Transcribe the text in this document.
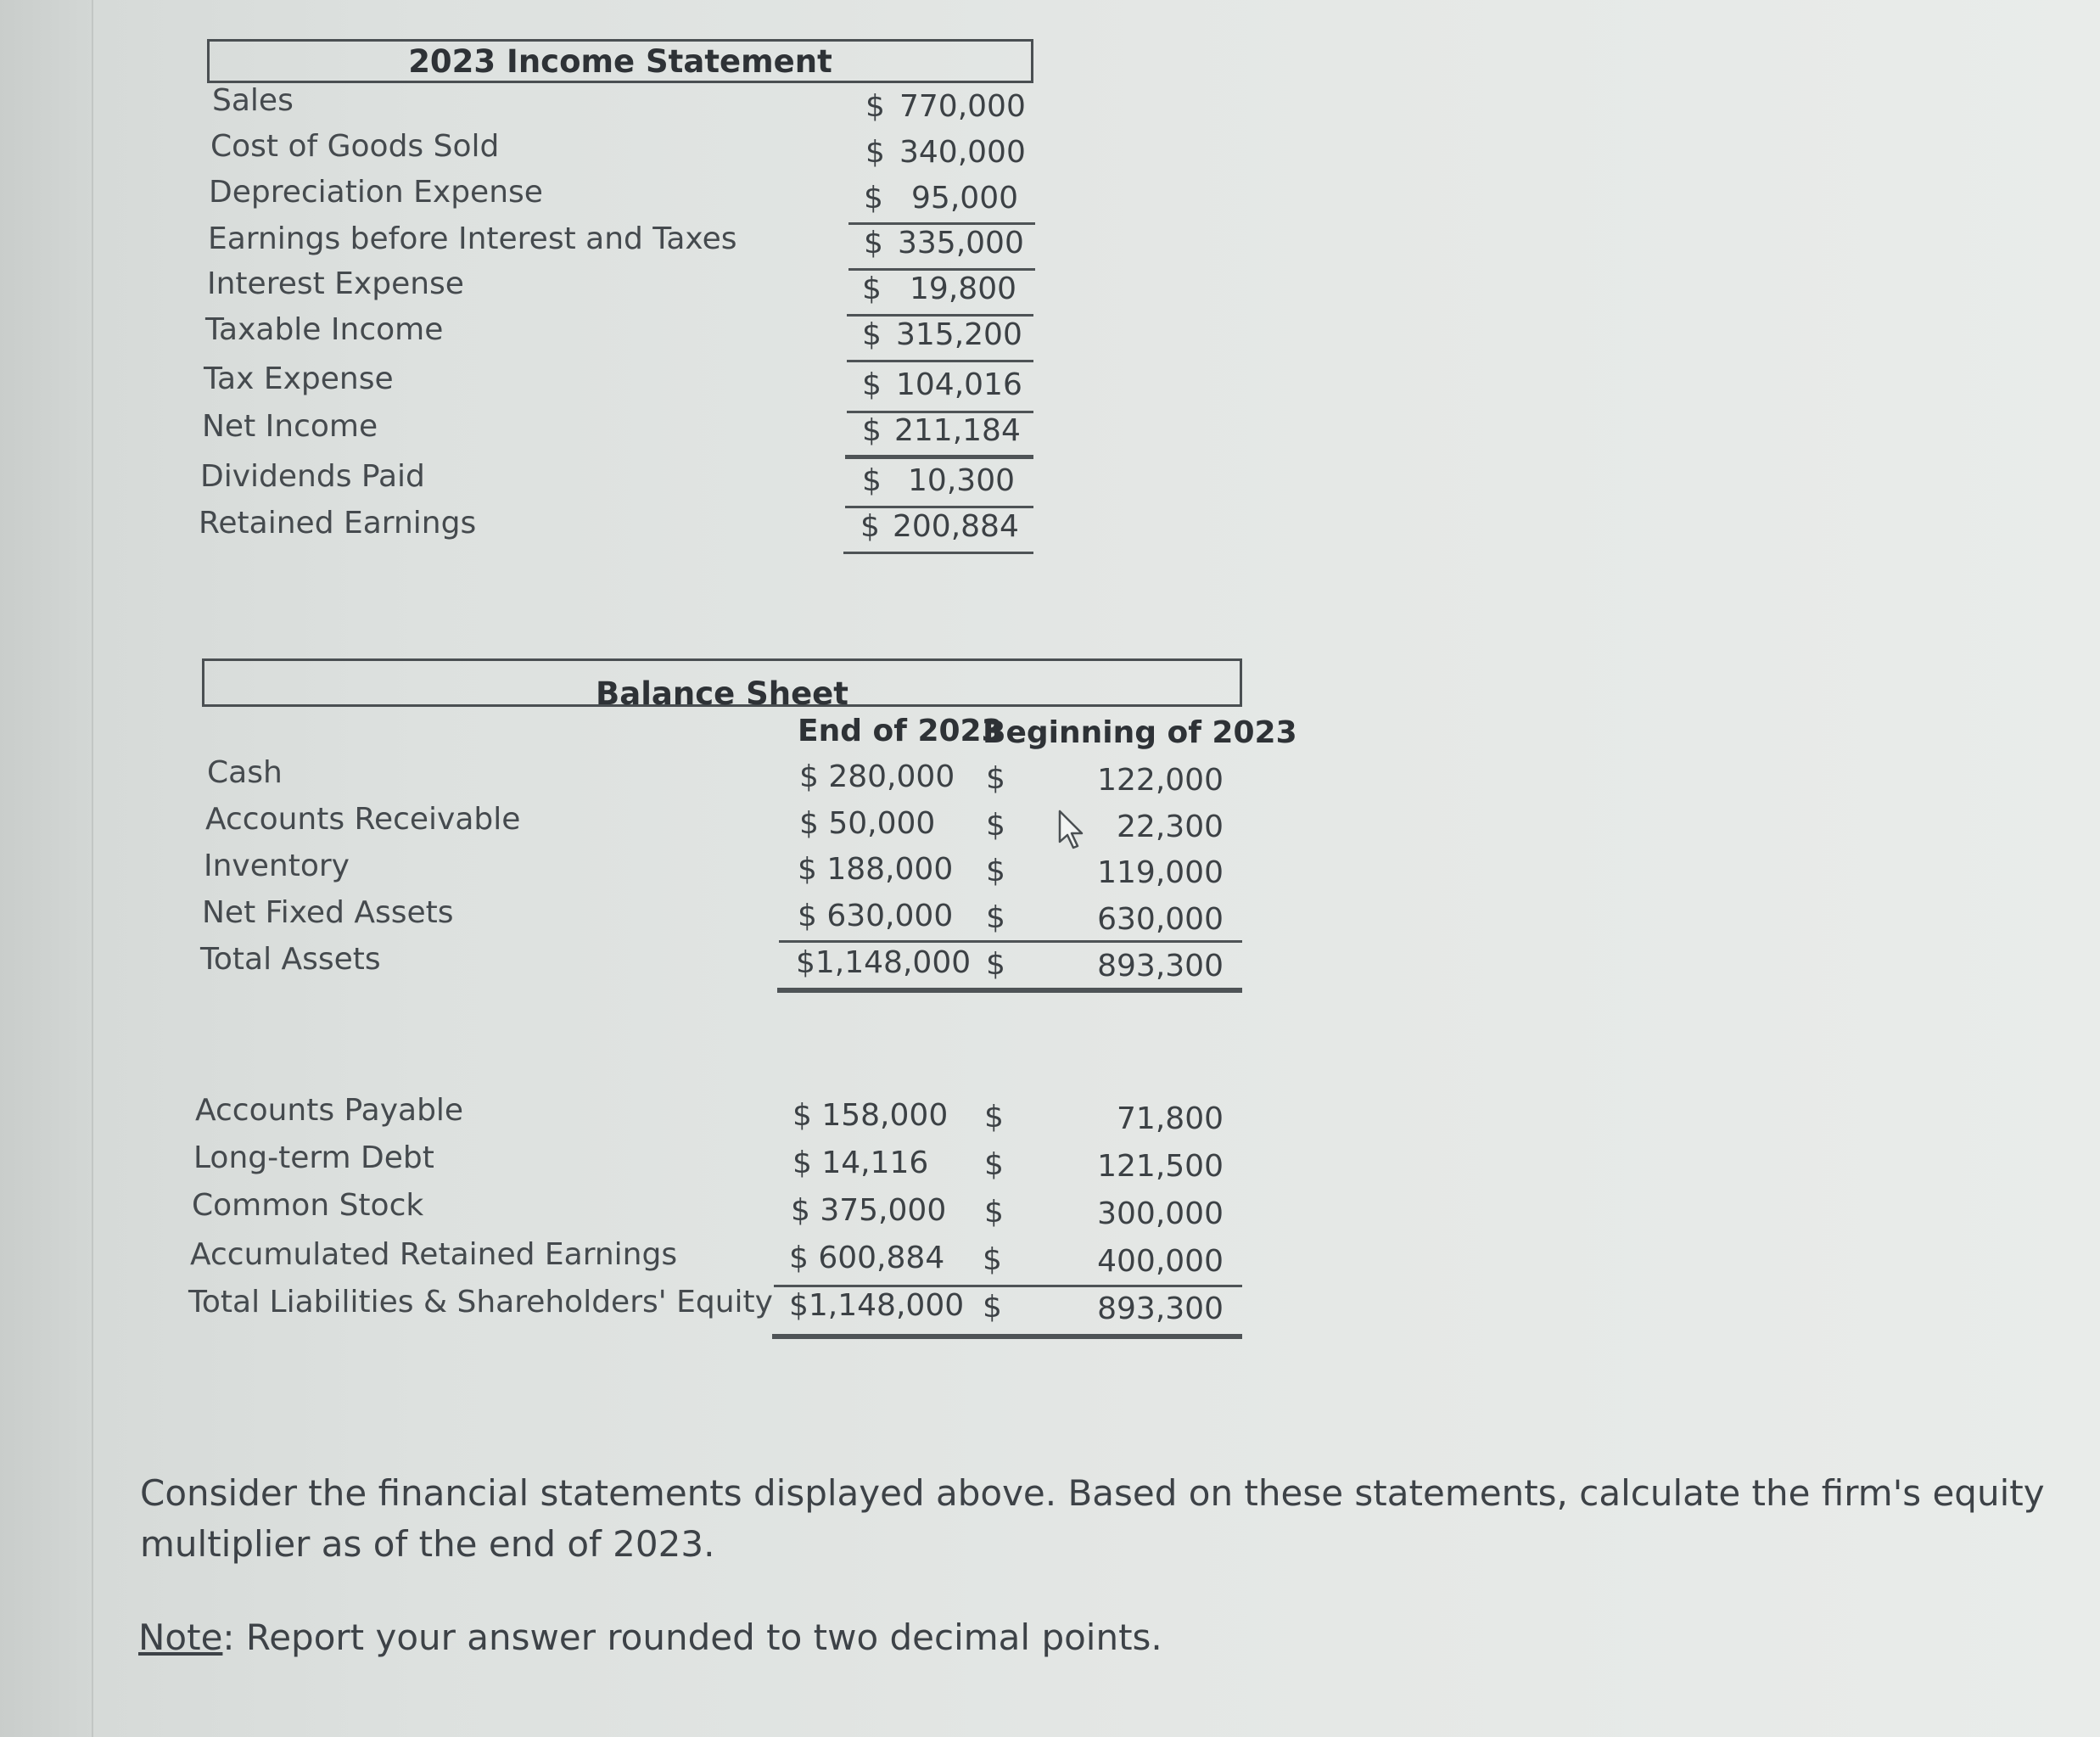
2023 Income Statement
Sales	$ 770,000
Cost of Goods Sold	$ 340,000
Depreciation Expense	$ 95,000
Earnings before Interest and Taxes	$ 335,000
Interest Expense	$ 19,800
Taxable Income	$ 315,200
Tax Expense	$ 104,016
Net Income	$ 211,184
Dividends Paid	$ 10,300
Retained Earnings	$ 200,884
Balance Sheet
End of 2023
Beginning of 2023
Cash	$ 280,000 $	122,000
Accounts Receivable	$ 50,000	$	22,300
Inventory	$ 188,000 $	119,000
Net Fixed Assets	$ 630,000 $	630,000
Total Assets	$1,148,000 $	893,300
Accounts Payable	$ 158,000 $	71,800
Long-term Debt	$ 14,116	$	121,500
Common Stock	$ 375,000 $	300,000
Accumulated Retained Earnings	$ 600,884 $	400,000
Total Liabilities & Shareholders' Equity $1,148,000 $	893,300
Consider the financial statements displayed above. Based on these statements, calculate the firm's equity multiplier as of the end of 2023.
Note: Report your answer rounded to two decimal points.
